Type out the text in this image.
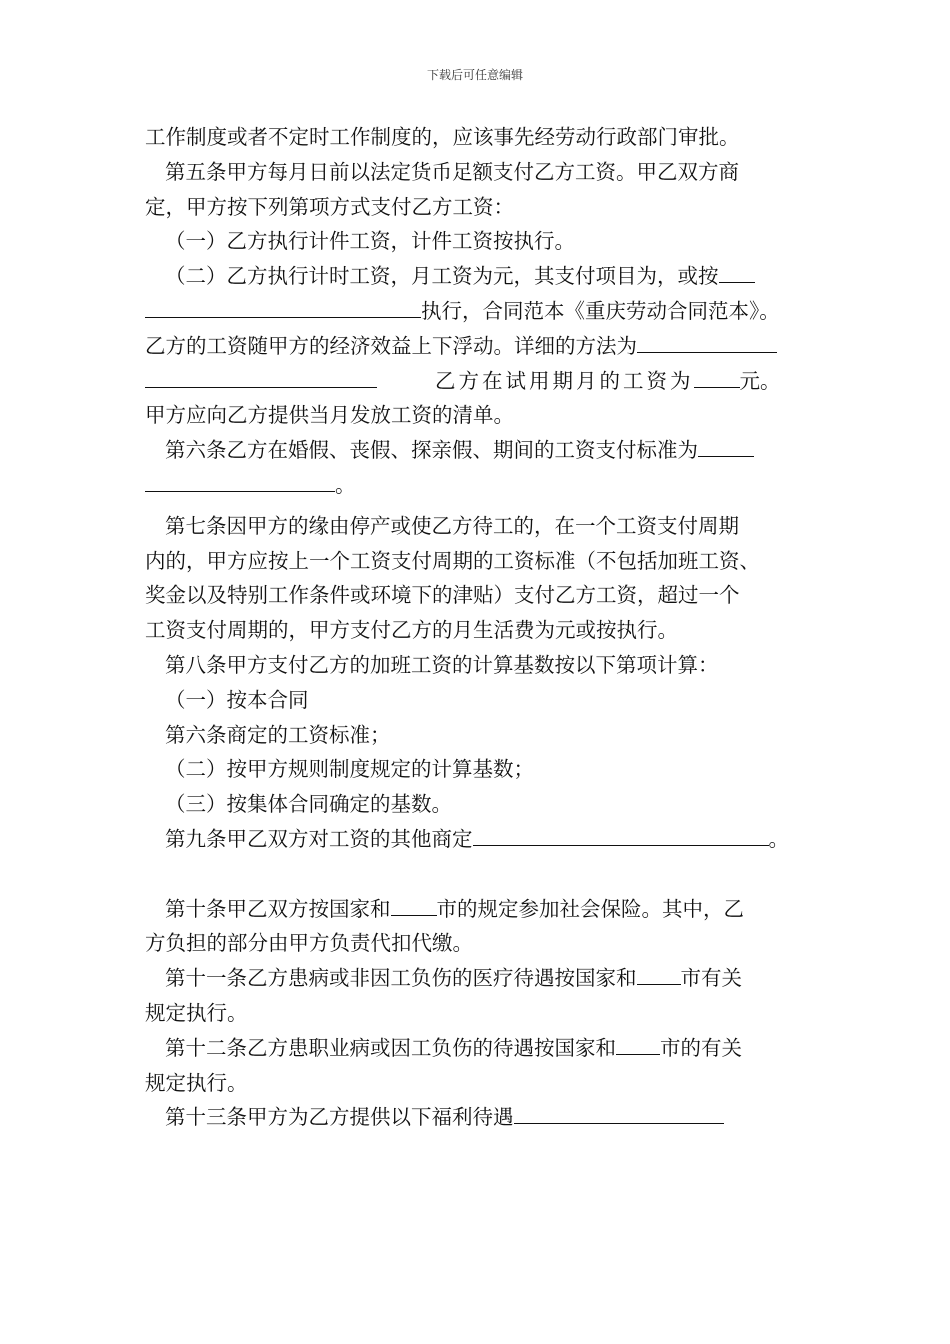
下载后可任意编辑

工作制度或者不定时工作制度的，应该事先经劳动行政部门审批。

第五条甲方每月日前以法定货币足额支付乙方工资。甲乙双方商

定，甲方按下列第项方式支付乙方工资：

（一）乙方执行计件工资，计件工资按执行。

（二）乙方执行计时工资，月工资为元，其支付项目为，或按

执行，合同范本《重庆劳动合同范本》。

乙方的工资随甲方的经济效益上下浮动。详细的方法为

乙方在试用期月的工资为 元。

甲方应向乙方提供当月发放工资的清单。

第六条乙方在婚假、丧假、探亲假、期间的工资支付标准为

。

第七条因甲方的缘由停产或使乙方待工的，在一个工资支付周期

内的，甲方应按上一个工资支付周期的工资标准（不包括加班工资、

奖金以及特别工作条件或环境下的津贴）支付乙方工资，超过一个

工资支付周期的，甲方支付乙方的月生活费为元或按执行。

第八条甲方支付乙方的加班工资的计算基数按以下第项计算：

（一）按本合同

第六条商定的工资标准；

（二）按甲方规则制度规定的计算基数；

（三）按集体合同确定的基数。

第九条甲乙双方对工资的其他商定	。

第十条甲乙双方按国家和 市的规定参加社会保险。其中，乙

方负担的部分由甲方负责代扣代缴。

第十一条乙方患病或非因工负伤的医疗待遇按国家和 市有关

规定执行。

第十二条乙方患职业病或因工负伤的待遇按国家和 市的有关

规定执行。

第十三条甲方为乙方提供以下福利待遇
